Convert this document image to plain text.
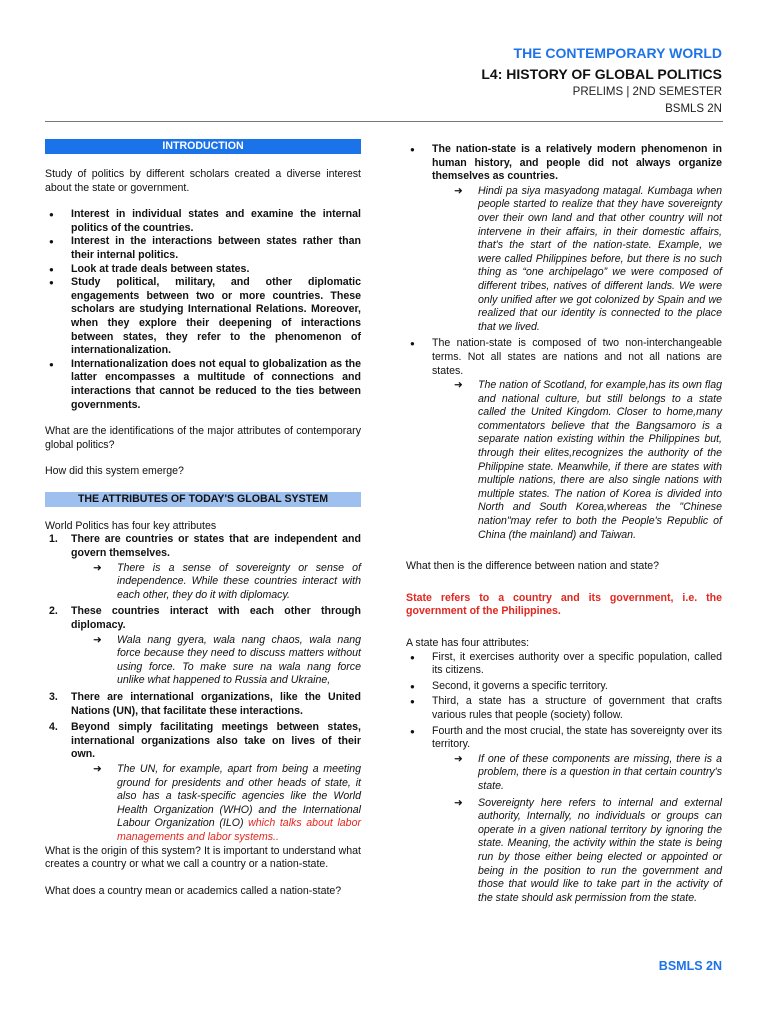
THE CONTEMPORARY WORLD
L4: HISTORY OF GLOBAL POLITICS
PRELIMS | 2ND SEMESTER
BSMLS 2N
INTRODUCTION

Study of politics by different scholars created a diverse interest about the state or government.

● Interest in individual states and examine the internal politics of the countries.
● Interest in the interactions between states rather than their internal politics.
● Look at trade deals between states.
● Study political, military, and other diplomatic engagements between two or more countries. These scholars are studying International Relations. Moreover, when they explore their deepening of interactions between states, they refer to the phenomenon of internationalization.
● Internationalization does not equal to globalization as the latter encompasses a multitude of connections and interactions that cannot be reduced to the ties between governments.

What are the identifications of the major attributes of contemporary global politics?

How did this system emerge?

THE ATTRIBUTES OF TODAY'S GLOBAL SYSTEM
World Politics has four key attributes
1. There are countries or states that are independent and govern themselves.
➜ There is a sense of sovereignty or sense of independence. While these countries interact with each other, they do it with diplomacy.
2. These countries interact with each other through diplomacy.
➜ Wala nang gyera, wala nang chaos, wala nang force because they need to discuss matters without using force. To make sure na wala nang force unlike what happened to Russia and Ukraine,
3. There are international organizations, like the United Nations (UN), that facilitate these interactions.
4. Beyond simply facilitating meetings between states, international organizations also take on lives of their own.
➜ The UN, for example, apart from being a meeting ground for presidents and other heads of state, it also has a task-specific agencies like the World Health Organization (WHO) and the International Labour Organization (ILO) which talks about labor managements and labor systems..

What is the origin of this system? It is important to understand what creates a country or what we call a country or a nation-state.

What does a country mean or academics called a nation-state?

● The nation-state is a relatively modern phenomenon in human history, and people did not always organize themselves as countries.
➜ Hindi pa siya masyadong matagal. Kumbaga when people started to realize that they have sovereignty over their own land and that other country will not intervene in their affairs, in their domestic affairs, that's the start of the nation-state. Example, we were called Philippines before, but there is no such thing as “one archipelago” we were composed of different tribes, natives of different lands. We were only unified after we got colonized by Spain and we realized that our identity is connected to the place that we lived.
● The nation-state is composed of two non-interchangeable terms. Not all states are nations and not all nations are states.
➜ The nation of Scotland, for example,has its own flag and national culture, but still belongs to a state called the United Kingdom. Closer to home,many commentators believe that the Bangsamoro is a separate nation existing within the Philippines but, through their elites,recognizes the authority of the Philippine state. Meanwhile, if there are states with multiple nations, there are also single nations with multiple states. The nation of Korea is divided into North and South Korea,whereas the "Chinese nation"may refer to both the People's Republic of China (the mainland) and Taiwan.

What then is the difference between nation and state?

State refers to a country and its government, i.e. the government of the Philippines.

A state has four attributes:
● First, it exercises authority over a specific population, called its citizens.
● Second, it governs a specific territory.
● Third, a state has a structure of government that crafts various rules that people (society) follow.
● Fourth and the most crucial, the state has sovereignty over its territory.
➜ If one of these components are missing, there is a problem, there is a question in that certain country's state.
➜ Sovereignty here refers to internal and external authority, Internally, no individuals or groups can operate in a given national territory by ignoring the state. Meaning, the activity within the state is being run by those either being elected or appointed or being in the position to run the government and those that would like to take part in the activity of the state should ask permission from the state.
BSMLS 2N
